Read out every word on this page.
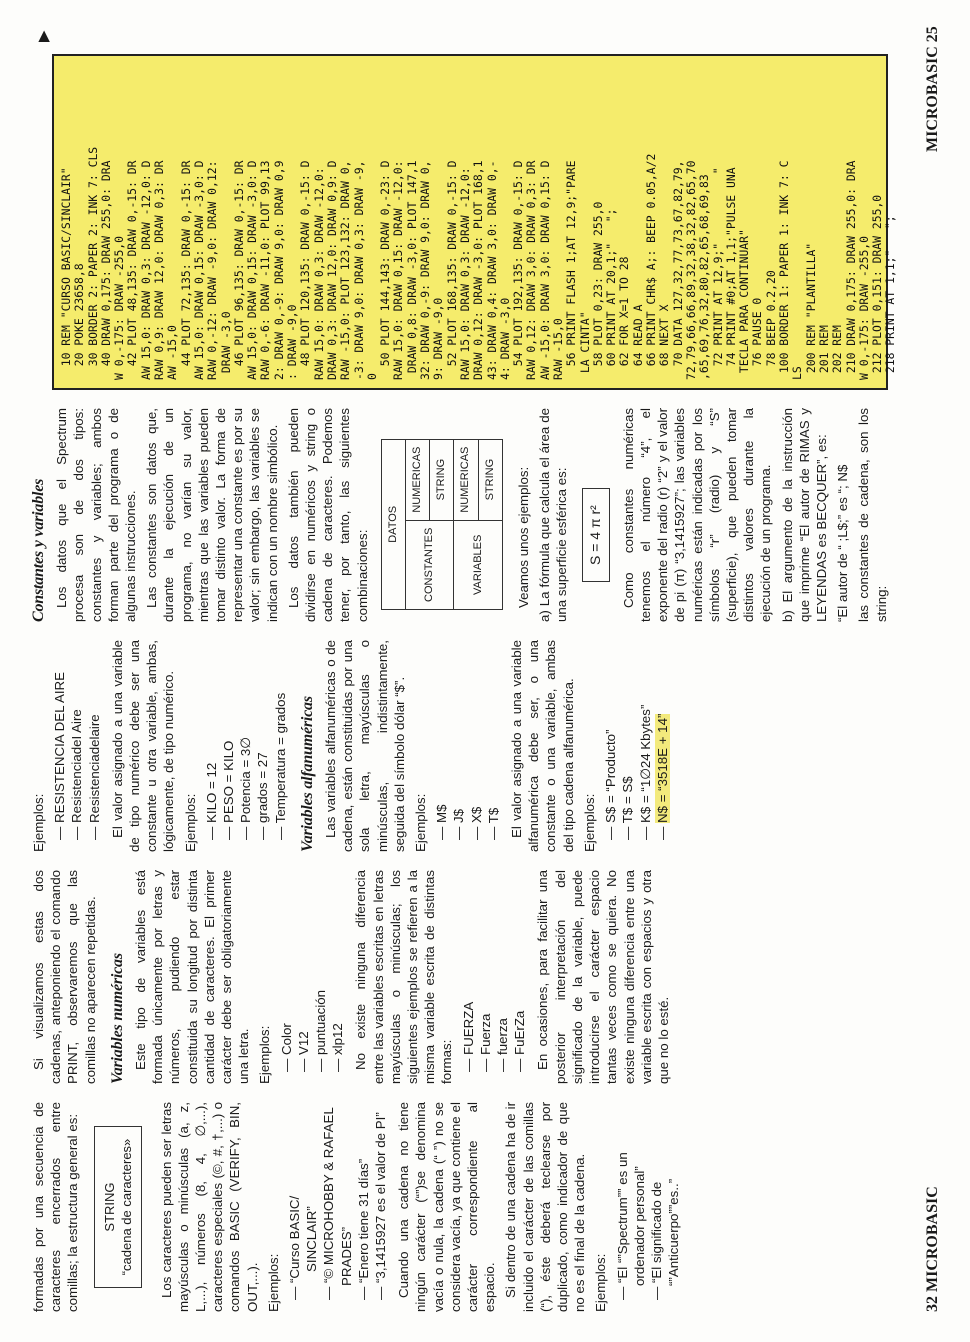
formadas por una secuencia de caracteres encerrados entre comillas; la estructura general es: STRING “cadena de caracteres» Los caracteres pueden ser letras mayúsculas o minúsculas (a, z, L,...), números (8, 4, ∅,...), caracteres especiales (©, #, †,...) o comandos BASIC (VERIFY, BIN, OUT,...). Ejemplos: — “Curso BASIC/ SINCLAIR” — “© MICROHOBBY & RAFAEL PRADES” — “Enero tiene 31 días” — “3,1415927 es el valor de PI” Cuando una cadena no tiene ningún carácter (“”)se denomina vacía o nula, la cadena (“ ”) no se considera vacía, ya que contiene el carácter correspondiente al espacio. Si dentro de una cadena ha de ir incluido el carácter de las comillas (“), éste deberá teclearse por duplicado, como indicador de que no es el final de la cadena. Ejemplos: — “El “”Spectrum”” es un ordenador personal” — “El significado de “”Anticuerpo””es..”

Si visualizamos estas dos cadenas, anteponiendo el comando PRINT, observaremos que las comillas no aparecen repetidas. Variables numéricas Este tipo de variables está formada únicamente por letras y números, pudiendo estar constituida su longitud por distinta cantidad de caracteres. El primer carácter debe ser obligatoriamente una letra. Ejemplos: — Color — V12 — puntuación — xlp12 No existe ninguna diferencia entre las variables escritas en letras mayúsculas o minúsculas; los siguientes ejemplos se refieren a la misma variable escrita de distintas formas:

— FUERZA — Fuerza — fuerza — FuErZa En ocasiones, para facilitar una posterior interpretación del significado de la variable, puede introducirse el carácter espacio tantas veces como se quiera. No existe ninguna diferencia entre una variable escrita con espacios y otra que no lo esté.

Ejemplos: — RESISTENCIA DEL AIRE — ResistenciadeI Aire — Resistenciadelaire El valor asignado a una variable de tipo numérico debe ser una constante u otra variable, ambas, lógicamente, de tipo numérico. Ejemplos: — KILO = 12 — PESO = KILO — Potencia = 3∅ — grados = 27 — Temperatura = grados Variables alfanuméricas Las variables alfanuméricas o de cadena, están constituidas por una sola letra, mayúsculas o minúsculas, indistintamente, seguida del símbolo dólar “$”. Ejemplos: — M$ — J$ — X$ — T$ El valor asignado a una variable alfanumérica debe ser, o una constante o una variable, ambas del tipo cadena alfanumérica. Ejemplos: — S$ = “Producto” — T$ = S$ — K$ = “1∅24 Kbytes” — N$ = “3518E + 14”
Constantes y variables Los datos que el Spectrum procesa son de dos tipos: constantes y variables; ambos forman parte del programa o de algunas instrucciones. Las constantes son datos que, durante la ejecución de un programa, no varían su valor, mientras que las variables pueden tomar distinto valor. La forma de representar una constante es por su valor; sin embargo, las variables se indican con un nombre simbólico. Los datos también pueden dividirse en numéricos y string o cadena de caracteres. Podemos tener, por tanto, las siguientes combinaciones:

DATOS	
CONSTANTES	NUMERICAS
	STRING
VARIABLES	NUMERICAS
	STRING Veamos unos ejemplos: a) La fórmula que calcula el área de una superficie esférica es: S = 4 π r² Como constantes numéricas tenemos el número “4”, el exponente del radio (r) “2” y el valor de pi (π) “3,1415927”; las variables numéricas están indicadas por los símbolos “r” (radio) y “S” (superficie), que pueden tomar distintos valores durante la ejecución de un programa. b) El argumento de la instrucción que imprime “El autor de RIMAS y LEYENDAS es BECQUER”, es: “El autor de “ ;L$;” es “; N$ las constantes de cadena, son los string:

10 REM "CURSO BASIC/SINCLAIR" 20 POKE 23658,8 30 BORDER 2: PAPER 2: INK 7: CLS 40 DRAW 0,175: DRAW 255,0: DRA W 0,-175: DRAW -255,0 42 PLOT 48,135: DRAW 0,-15: DR AW 15,0: DRAW 0,3: DRAW -12,0: D RAW 0,9: DRAW 12,0: DRAW 0,3: DR AW -15,0 44 PLOT 72,135: DRAW 0,-15: DR AW 15,0: DRAW 0,15: DRAW -3,0: D RAW 0,-12: DRAW -9,0: DRAW 0,12: DRAW -3,0 46 PLOT 96,135: DRAW 0,-15: DR AW 15,0: DRAW 0,15: DRAW -3,0: D RAW 0,-6: DRAW -11,0: PLOT 99,13 2: DRAW 0,-9: DRAW 9,0: DRAW 0,9 : DRAW -9,0 48 PLOT 120,135: DRAW 0,-15: D RAW 15,0: DRAW 0,3: DRAW -12,0: DRAW 0,3: DRAW 12,0: DRAW 0,9: D RAW -15,0: PLOT 123,132: DRAW 0, -3: DRAW 9,0: DRAW 0,3: DRAW -9, 0 50 PLOT 144,143: DRAW 0,-23: D RAW 15,0: DRAW 0,15: DRAW -12,0: DRAW 0,8: DRAW -3,0: PLOT 147,1 32: DRAW 0,-9: DRAW 9,0: DRAW 0, 9: DRAW -9,0 52 PLOT 168,135: DRAW 0,-15: D RAW 15,0: DRAW 0,3: DRAW -12,0: DRAW 0,12: DRAW -3,0: PLOT 168,1 43: DRAW 0,4: DRAW 3,0: DRAW 0,- 4: DRAW -3,0 54 PLOT 192,135: DRAW 0,-15: D RAW 0,12: DRAW 3,0: DRAW 0,3: DR AW -15,0: DRAW 3,0: DRAW 0,15: D RAW -15,0 56 PRINT FLASH 1;AT 12,9;"PARE LA CINTA" 58 PLOT 0,23: DRAW 255,0 60 PRINT AT 20,1;"   "; 62 FOR X=1 TO 28 64 READ A 66 PRINT CHR$ A;: BEEP 0.05,A/2 68 NEXT X 70 DATA 127,32,77,73,67,82,79, 72,79,66,66,89,32,38,32,82,65,70 ,65,69,76,32,80,82,65,68,69,83 72 PRINT AT 12,9;"          " 74 PRINT #0;AT 1,1;"PULSE UNA TECLA PARA CONTINUAR" 76 PAUSE 0 78 BEEP 0.2,20 100 BORDER 1: PAPER 1: INK 7: C LS 200 REM "PLANTILLA" 201 REM 202 REM 210 DRAW 0,175: DRAW 255,0: DRA W 0,-175: DRAW -255,0 212 PLOT 0,151: DRAW 255,0 218 PRINT AT 1,1;"   ";
▶
32 MICROBASIC
MICROBASIC 25
